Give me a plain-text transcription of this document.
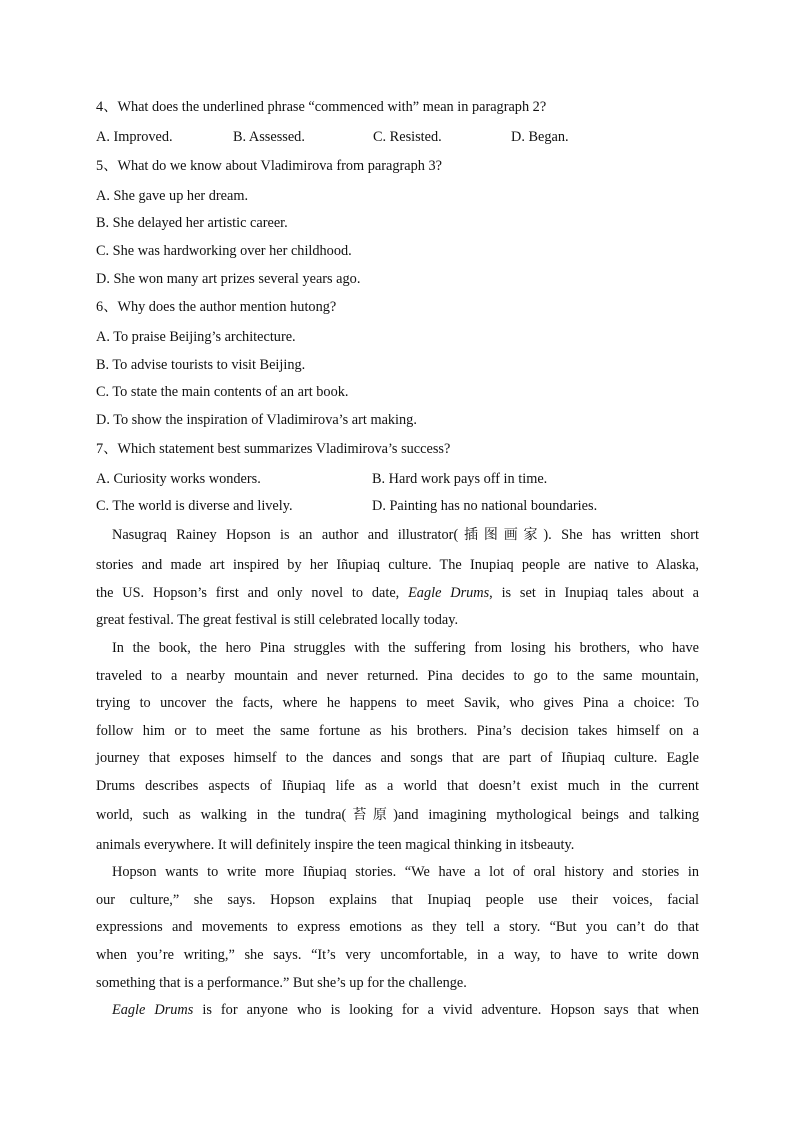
4、What does the underlined phrase “commenced with” mean in paragraph 2?
A. Improved.	B. Assessed.	C. Resisted.	D. Began.
5、What do we know about Vladimirova from paragraph 3?
A. She gave up her dream.
B. She delayed her artistic career.
C. She was hardworking over her childhood.
D. She won many art prizes several years ago.
6、Why does the author mention hutong?
A. To praise Beijing’s architecture.
B. To advise tourists to visit Beijing.
C. To state the main contents of an art book.
D. To show the inspiration of Vladimirova’s art making.
7、Which statement best summarizes Vladimirova’s success?
A. Curiosity works wonders.	B. Hard work pays off in time.
C. The world is diverse and lively.	D. Painting has no national boundaries.
Nasugraq Rainey Hopson is an author and illustrator(插图画家). She has written short
stories and made art inspired by her Iñupiaq culture. The Inupiaq people are native to Alaska,
the US. Hopson’s first and only novel to date, Eagle Drums, is set in Inupiaq tales about a
great festival. The great festival is still celebrated locally today.
In the book, the hero Pina struggles with the suffering from losing his brothers, who have
traveled to a nearby mountain and never returned. Pina decides to go to the same mountain,
trying to uncover the facts, where he happens to meet Savik, who gives Pina a choice: To
follow him or to meet the same fortune as his brothers. Pina’s decision takes himself on a
journey that exposes himself to the dances and songs that are part of Iñupiaq culture. Eagle
Drums describes aspects of Iñupiaq life as a world that doesn’t exist much in the current
world, such as walking in the tundra(苔原)and imagining mythological beings and talking
animals everywhere. It will definitely inspire the teen magical thinking in itsbeauty.
Hopson wants to write more Iñupiaq stories. “We have a lot of oral history and stories in
our culture,” she says. Hopson explains that Inupiaq people use their voices, facial
expressions and movements to express emotions as they tell a story. “But you can’t do that
when you’re writing,” she says. “It’s very uncomfortable, in a way, to have to write down
something that is a performance.” But she’s up for the challenge.
Eagle Drums is for anyone who is looking for a vivid adventure. Hopson says that when
